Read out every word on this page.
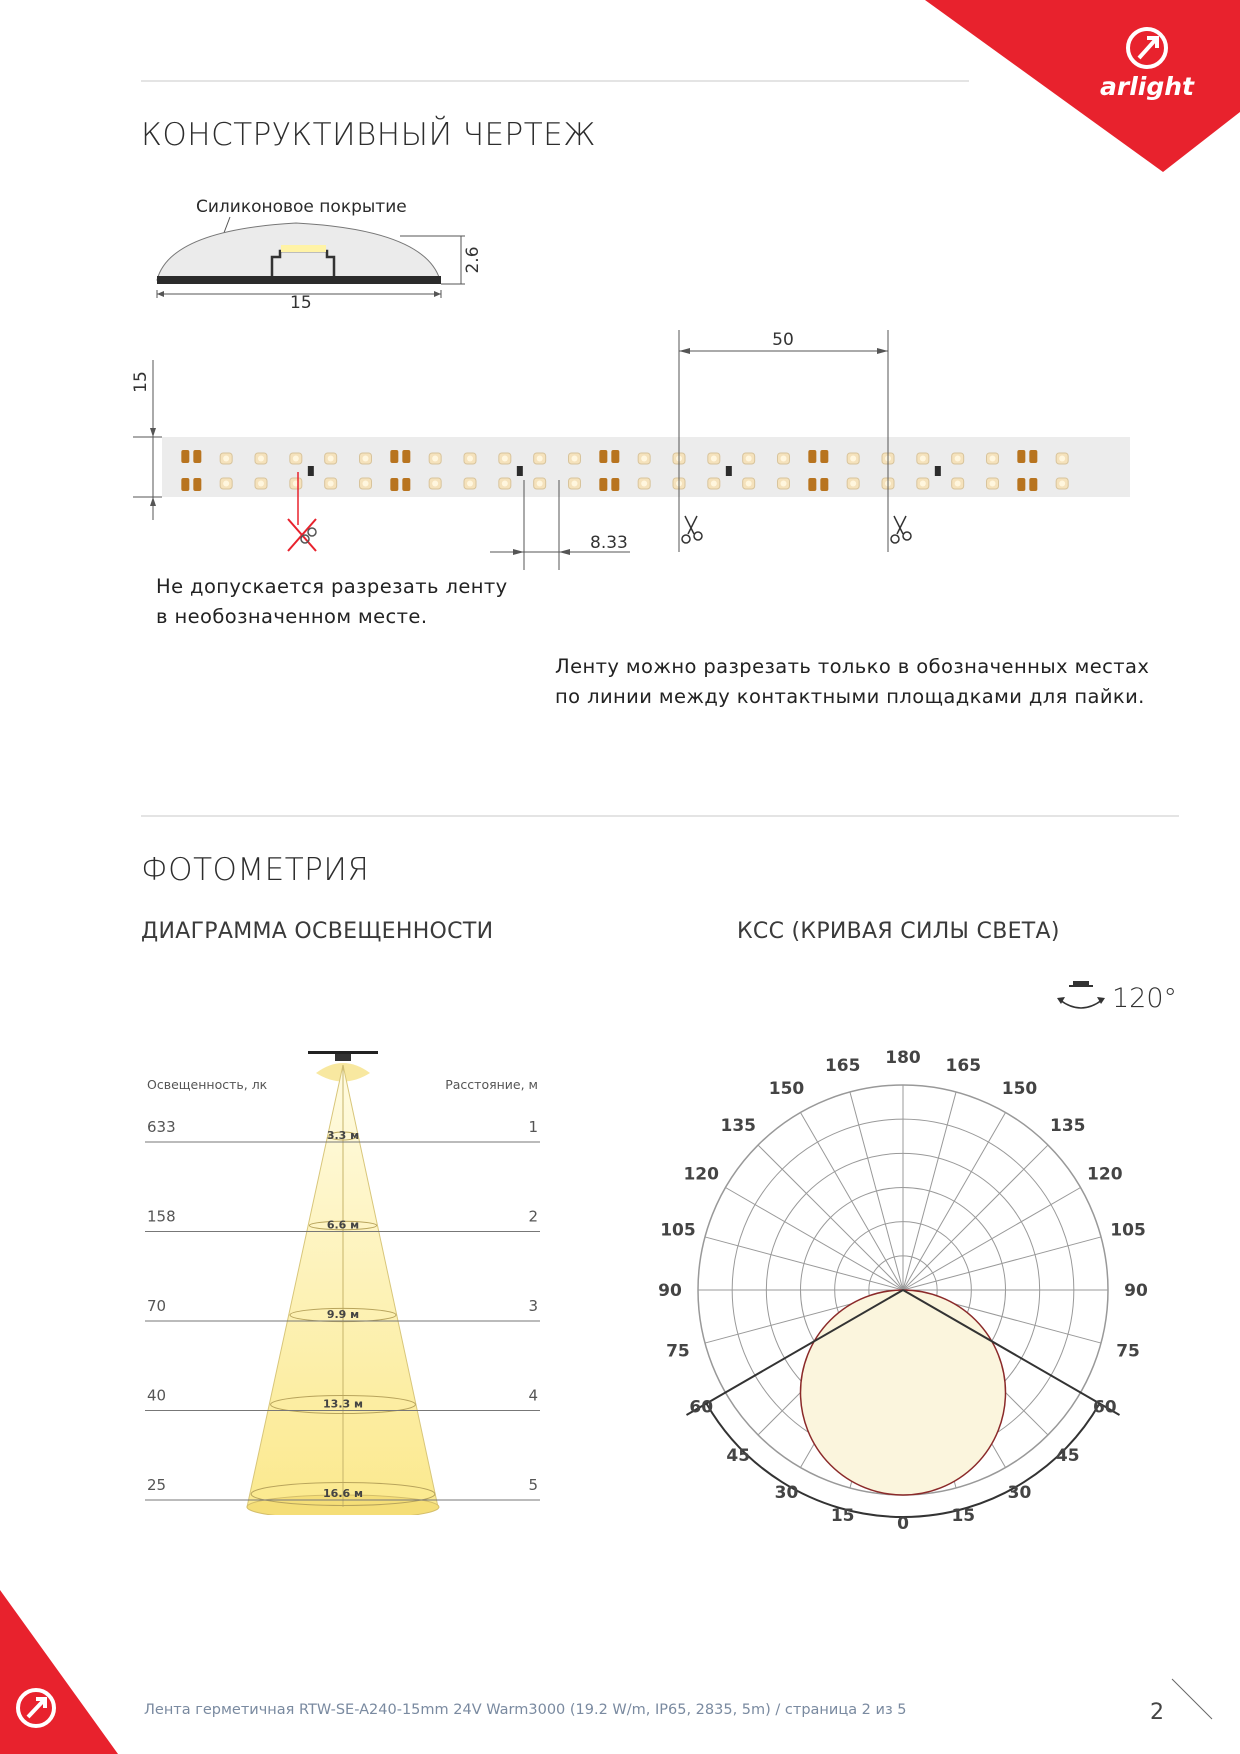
arlight
КОНСТРУКТИВНЫЙ ЧЕРТЕЖ
Силиконовое покрытие
15
2.6
15
50
8.33
Не допускается разрезать ленту
в необозначенном месте.
Ленту можно разрезать только в обозначенных местах
по линии между контактными площадками для пайки.
ФОТОМЕТРИЯ
ДИАГРАММА ОСВЕЩЕННОСТИ	КСС (КРИВАЯ СИЛЫ СВЕТА)
Освещенность, лк	Расстояние, м
633	1
3.3 м
158	2
6.6 м
70	3
9.9 м
40	4
13.3 м
25	5
16.6 м
120°
0
15
30
45
60
75
90
105
120
135
150
165 180
15
30
45
60
75
90
105
120
135
150
165
Лента герметичная RTW-SE-A240-15mm 24V Warm3000 (19.2 W/m, IP65, 2835, 5m) / страница 2 из 5	2
